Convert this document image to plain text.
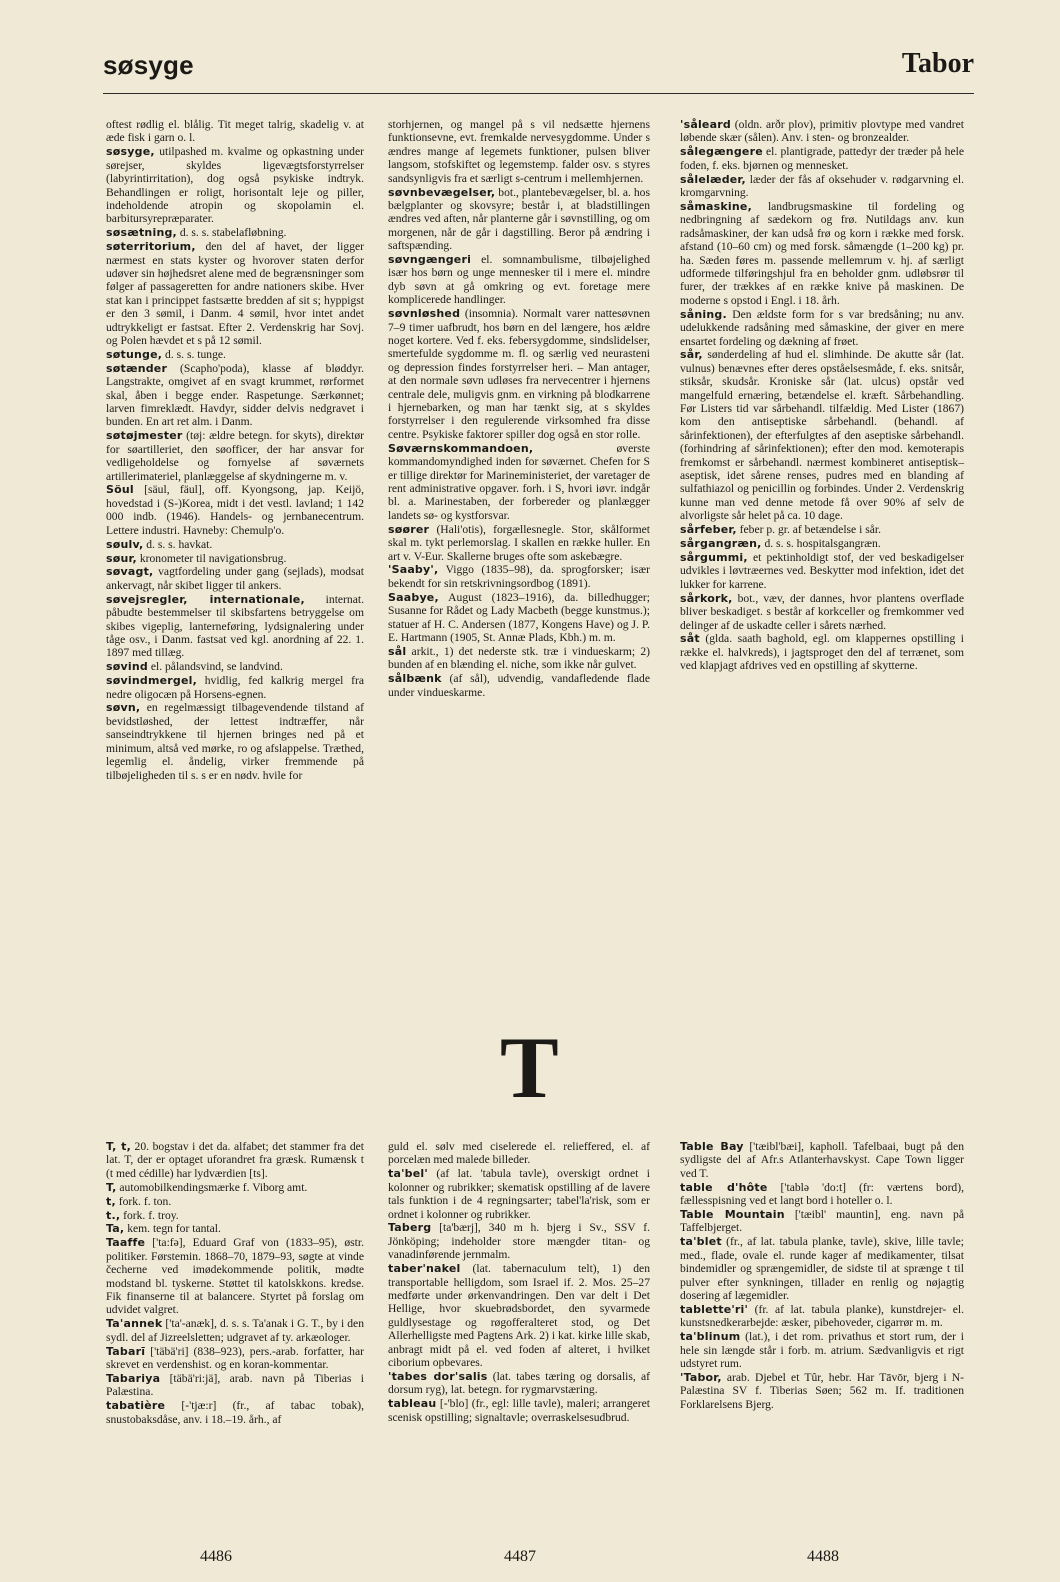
søsyge	Tabor

oftest rødlig el. blålig. Tit meget talrig, skadelig v. at æde fisk i garn o. l.

søsyge, utilpashed m. kvalme og opkastning under sørejser, skyldes ligevægtsforstyrrelser (labyrintirritation), dog også psykiske indtryk. Behandlingen er roligt, horisontalt leje og piller, indeholdende atropin og skopolamin el. barbitursyrepræparater.

søsætning, d. s. s. stabelafløbning.

søterritorium, den del af havet, der ligger nærmest en stats kyster og hvorover staten derfor udøver sin højhedsret alene med de begrænsninger som følger af passageretten for andre nationers skibe. Hver stat kan i princippet fastsætte bredden af sit s; hyppigst er den 3 sømil, i Danm. 4 sømil, hvor intet andet udtrykkeligt er fastsat. Efter 2. Verdenskrig har Sovj. og Polen hævdet et s på 12 sømil.

søtunge, d. s. s. tunge.

søtænder (Scapho'poda), klasse af bløddyr. Langstrakte, omgivet af en svagt krummet, rørformet skal, åben i begge ender. Raspetunge. Særkønnet; larven fimreklædt. Havdyr, sidder delvis nedgravet i bunden. En art ret alm. i Danm.

søtøjmester (tøj: ældre betegn. for skyts), direktør for søartilleriet, den søofficer, der har ansvar for vedligeholdelse og fornyelse af søværnets artillerimateriel, planlæggelse af skydningerne m. v.

Söul [säul, fäul], off. Kyongsong, jap. Keijö, hovedstad i (S-)Korea, midt i det vestl. lavland; 1 142 000 indb. (1946). Handels- og jernbanecentrum. Lettere industri. Havneby: Chemulp'o.

søulv, d. s. s. havkat.

søur, kronometer til navigationsbrug.

søvagt, vagtfordeling under gang (sejlads), modsat ankervagt, når skibet ligger til ankers.

søvejsregler, internationale, internat. påbudte bestemmelser til skibsfartens betryggelse om skibes vigeplig, lanterneføring, lydsignalering under tåge osv., i Danm. fastsat ved kgl. anordning af 22. 1. 1897 med tillæg.

søvind el. pålandsvind, se landvind.

søvindmergel, hvidlig, fed kalkrig mergel fra nedre oligocæn på Horsens-egnen.

søvn, en regelmæssigt tilbagevendende tilstand af bevidstløshed, der lettest indtræffer, når sanseindtrykkene til hjernen bringes ned på et minimum, altså ved mørke, ro og afslappelse. Træthed, legemlig el. åndelig, virker fremmende på tilbøjeligheden til s. s er en nødv. hvile for

storhjernen, og mangel på s vil nedsætte hjernens funktionsevne, evt. fremkalde nervesygdomme. Under s ændres mange af legemets funktioner, pulsen bliver langsom, stofskiftet og legemstemp. falder osv. s styres sandsynligvis fra et særligt s-centrum i mellemhjernen.

søvnbevægelser, bot., plantebevægelser, bl. a. hos bælgplanter og skovsyre; består i, at bladstillingen ændres ved aften, når planterne går i søvnstilling, og om morgenen, når de går i dagstilling. Beror på ændring i saftspænding.

søvngængeri el. somnambulisme, tilbøjelighed især hos børn og unge mennesker til i mere el. mindre dyb søvn at gå omkring og evt. foretage mere komplicerede handlinger.

søvnløshed (insomnia). Normalt varer nattesøvnen 7–9 timer uafbrudt, hos børn en del længere, hos ældre noget kortere. Ved f. eks. febersygdomme, sindslidelser, smertefulde sygdomme m. fl. og særlig ved neurasteni og depression findes forstyrrelser heri. – Man antager, at den normale søvn udløses fra nervecentrer i hjernens centrale dele, muligvis gnm. en virkning på blodkarrene i hjernebarken, og man har tænkt sig, at s skyldes forstyrrelser i den regulerende virksomhed fra disse centre. Psykiske faktorer spiller dog også en stor rolle.

Søværnskommandoen, øverste kommandomyndighed inden for søværnet. Chefen for S er tillige direktør for Marineministeriet, der varetager de rent administrative opgaver. forh. i S, hvori iøvr. indgår bl. a. Marinestaben, der forbereder og planlægger landets sø- og kystforsvar.

søører (Hali'otis), forgællesnegle. Stor, skålformet skal m. tykt perlemorslag. I skallen en række huller. En art v. V-Eur. Skallerne bruges ofte som askebægre.

'Saaby', Viggo (1835–98), da. sprogforsker; især bekendt for sin retskrivningsordbog (1891).

Saabye, August (1823–1916), da. billedhugger; Susanne for Rådet og Lady Macbeth (begge kunstmus.); statuer af H. C. Andersen (1877, Kongens Have) og J. P. E. Hartmann (1905, St. Annæ Plads, Kbh.) m. m.

sål arkit., 1) det nederste stk. træ i vindueskarm; 2) bunden af en blænding el. niche, som ikke når gulvet.

sålbænk (af sål), udvendig, vandafledende flade under vindueskarme.

'såleard (oldn. arðr plov), primitiv plovtype med vandret løbende skær (sålen). Anv. i sten- og bronzealder.

sålegængere el. plantigrade, pattedyr der træder på hele foden, f. eks. bjørnen og mennesket.

sålelæder, læder der fås af oksehuder v. rødgarvning el. kromgarvning.

såmaskine, landbrugsmaskine til fordeling og nedbringning af sædekorn og frø. Nutildags anv. kun radsåmaskiner, der kan udså frø og korn i række med forsk. afstand (10–60 cm) og med forsk. såmængde (1–200 kg) pr. ha. Sæden føres m. passende mellemrum v. hj. af særligt udformede tilføringshjul fra en beholder gnm. udløbsrør til furer, der trækkes af en række knive på maskinen. De moderne s opstod i Engl. i 18. årh.

såning. Den ældste form for s var bredsåning; nu anv. udelukkende radsåning med såmaskine, der giver en mere ensartet fordeling og dækning af frøet.

sår, sønderdeling af hud el. slimhinde. De akutte sår (lat. vulnus) benævnes efter deres opståelsesmåde, f. eks. snitsår, stiksår, skudsår. Kroniske sår (lat. ulcus) opstår ved mangelfuld ernæring, betændelse el. kræft. Sårbehandling. Før Listers tid var sårbehandl. tilfældig. Med Lister (1867) kom den antiseptiske sårbehandl. (behandl. af sårinfektionen), der efterfulgtes af den aseptiske sårbehandl. (forhindring af sårinfektionen); efter den mod. kemoterapis fremkomst er sårbehandl. nærmest kombineret antiseptisk–aseptisk, idet sårene renses, pudres med en blanding af sulfathiazol og penicillin og forbindes. Under 2. Verdenskrig kunne man ved denne metode få over 90% af selv de alvorligste sår helet på ca. 10 dage.

sårfeber, feber p. gr. af betændelse i sår.

sårgangræn, d. s. s. hospitalsgangræn.

sårgummi, et pektinholdigt stof, der ved beskadigelser udvikles i løvtræernes ved. Beskytter mod infektion, idet det lukker for karrene.

sårkork, bot., væv, der dannes, hvor plantens overflade bliver beskadiget. s består af korkceller og fremkommer ved delinger af de uskadte celler i sårets nærhed.

såt (glda. saath baghold, egl. om klappernes opstilling i række el. halvkreds), i jagtsproget den del af terrænet, som ved klapjagt afdrives ved en opstilling af skytterne.

T

T, t, 20. bogstav i det da. alfabet; det stammer fra det lat. T, der er optaget uforandret fra græsk. Rumænsk t (t med cédille) har lydværdien [ts].

T, automobilkendingsmærke f. Viborg amt.

t, fork. f. ton.

t., fork. f. troy.

Ta, kem. tegn for tantal.

Taaffe ['ta:fə], Eduard Graf von (1833–95), østr. politiker. Førstemin. 1868–70, 1879–93, søgte at vinde čecherne ved imødekommende politik, mødte modstand bl. tyskerne. Støttet til katolskkons. kredse. Fik finanserne til at balancere. Styrtet på forslag om udvidet valgret.

Ta'annek ['ta'-anæk], d. s. s. Ta'anak i G. T., by i den sydl. del af Jizreelsletten; udgravet af ty. arkæologer.

Tabarī ['täbä'ri] (838–923), pers.-arab. forfatter, har skrevet en verdenshist. og en koran-kommentar.

Tabariya [täbä'ri:jä], arab. navn på Tiberias i Palæstina.

tabatière [-'tjæ:r] (fr., af tabac tobak), snustobaksdåse, anv. i 18.–19. årh., af

guld el. sølv med ciselerede el. relieffered, el. af porcelæn med malede billeder.

ta'bel' (af lat. 'tabula tavle), overskigt ordnet i kolonner og rubrikker; skematisk opstilling af de lavere tals funktion i de 4 regningsarter; tabel'la'risk, som er ordnet i kolonner og rubrikker.

Taberg [ta'bærj], 340 m h. bjerg i Sv., SSV f. Jönköping; indeholder store mængder titan- og vanadinførende jernmalm.

taber'nakel (lat. tabernaculum telt), 1) den transportable helligdom, som Israel if. 2. Mos. 25–27 medførte under ørkenvandringen. Den var delt i Det Hellige, hvor skuebrødsbordet, den syvarmede guldlysestage og røgofferalteret stod, og Det Allerhelligste med Pagtens Ark. 2) i kat. kirke lille skab, anbragt midt på el. ved foden af alteret, i hvilket ciborium opbevares.

'tabes dor'salis (lat. tabes tæring og dorsalis, af dorsum ryg), lat. betegn. for rygmarvstæring.

tableau [-'blo] (fr., egl: lille tavle), maleri; arrangeret scenisk opstilling; signaltavle; overraskelsesudbrud.

Table Bay ['tæibl'bæi], kapholl. Tafelbaai, bugt på den sydligste del af Afr.s Atlanterhavskyst. Cape Town ligger ved T.

table d'hôte ['tablə 'do:t] (fr: værtens bord), fællesspisning ved et langt bord i hoteller o. l.

Table Mountain ['tæibl' mauntin], eng. navn på Taffelbjerget.

ta'blet (fr., af lat. tabula planke, tavle), skive, lille tavle; med., flade, ovale el. runde kager af medikamenter, tilsat bindemidler og sprængemidler, de sidste til at sprænge t til pulver efter synkningen, tillader en renlig og nøjagtig dosering af lægemidler.

tablette'ri' (fr. af lat. tabula planke), kunstdrejer- el. kunstsnedkerarbejde: æsker, pibehoveder, cigarrør m. m.

ta'blinum (lat.), i det rom. privathus et stort rum, der i hele sin længde står i forb. m. atrium. Sædvanligvis et rigt udstyret rum.

'Tabor, arab. Djebel et Tûr, hebr. Har Tāvōr, bjerg i N-Palæstina SV f. Tiberias Søen; 562 m. If. traditionen Forklarelsens Bjerg.

4486	4487	4488
